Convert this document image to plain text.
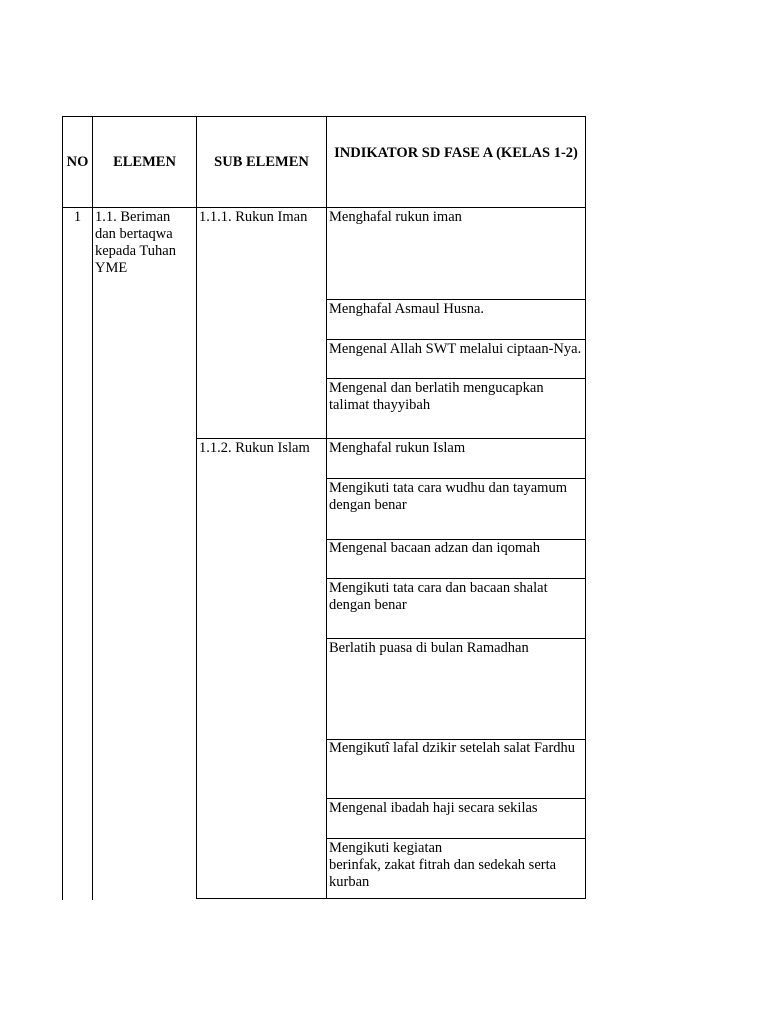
NO	ELEMEN	SUB ELEMEN
INDIKATOR SD FASE A (KELAS 1-2)
1 1.1. Beriman dan bertaqwa kepada Tuhan YME
1.1.1. Rukun Iman
1.1.2. Rukun Islam
Menghafal rukun iman
Menghafal Asmaul Husna.
Mengenal Allah SWT melalui ciptaan-Nya.
Mengenal dan berlatih mengucapkan talimat thayyibah
Menghafal rukun Islam
Mengikuti tata cara wudhu dan tayamum dengan benar
Mengenal bacaan adzan dan iqomah
Mengikuti tata cara dan bacaan shalat dengan benar
Berlatih puasa di bulan Ramadhan
Mengikutî lafal dzikir setelah salat Fardhu
Mengenal ibadah haji secara sekilas
Mengikuti kegiatan
berinfak, zakat fitrah dan sedekah serta kurban
